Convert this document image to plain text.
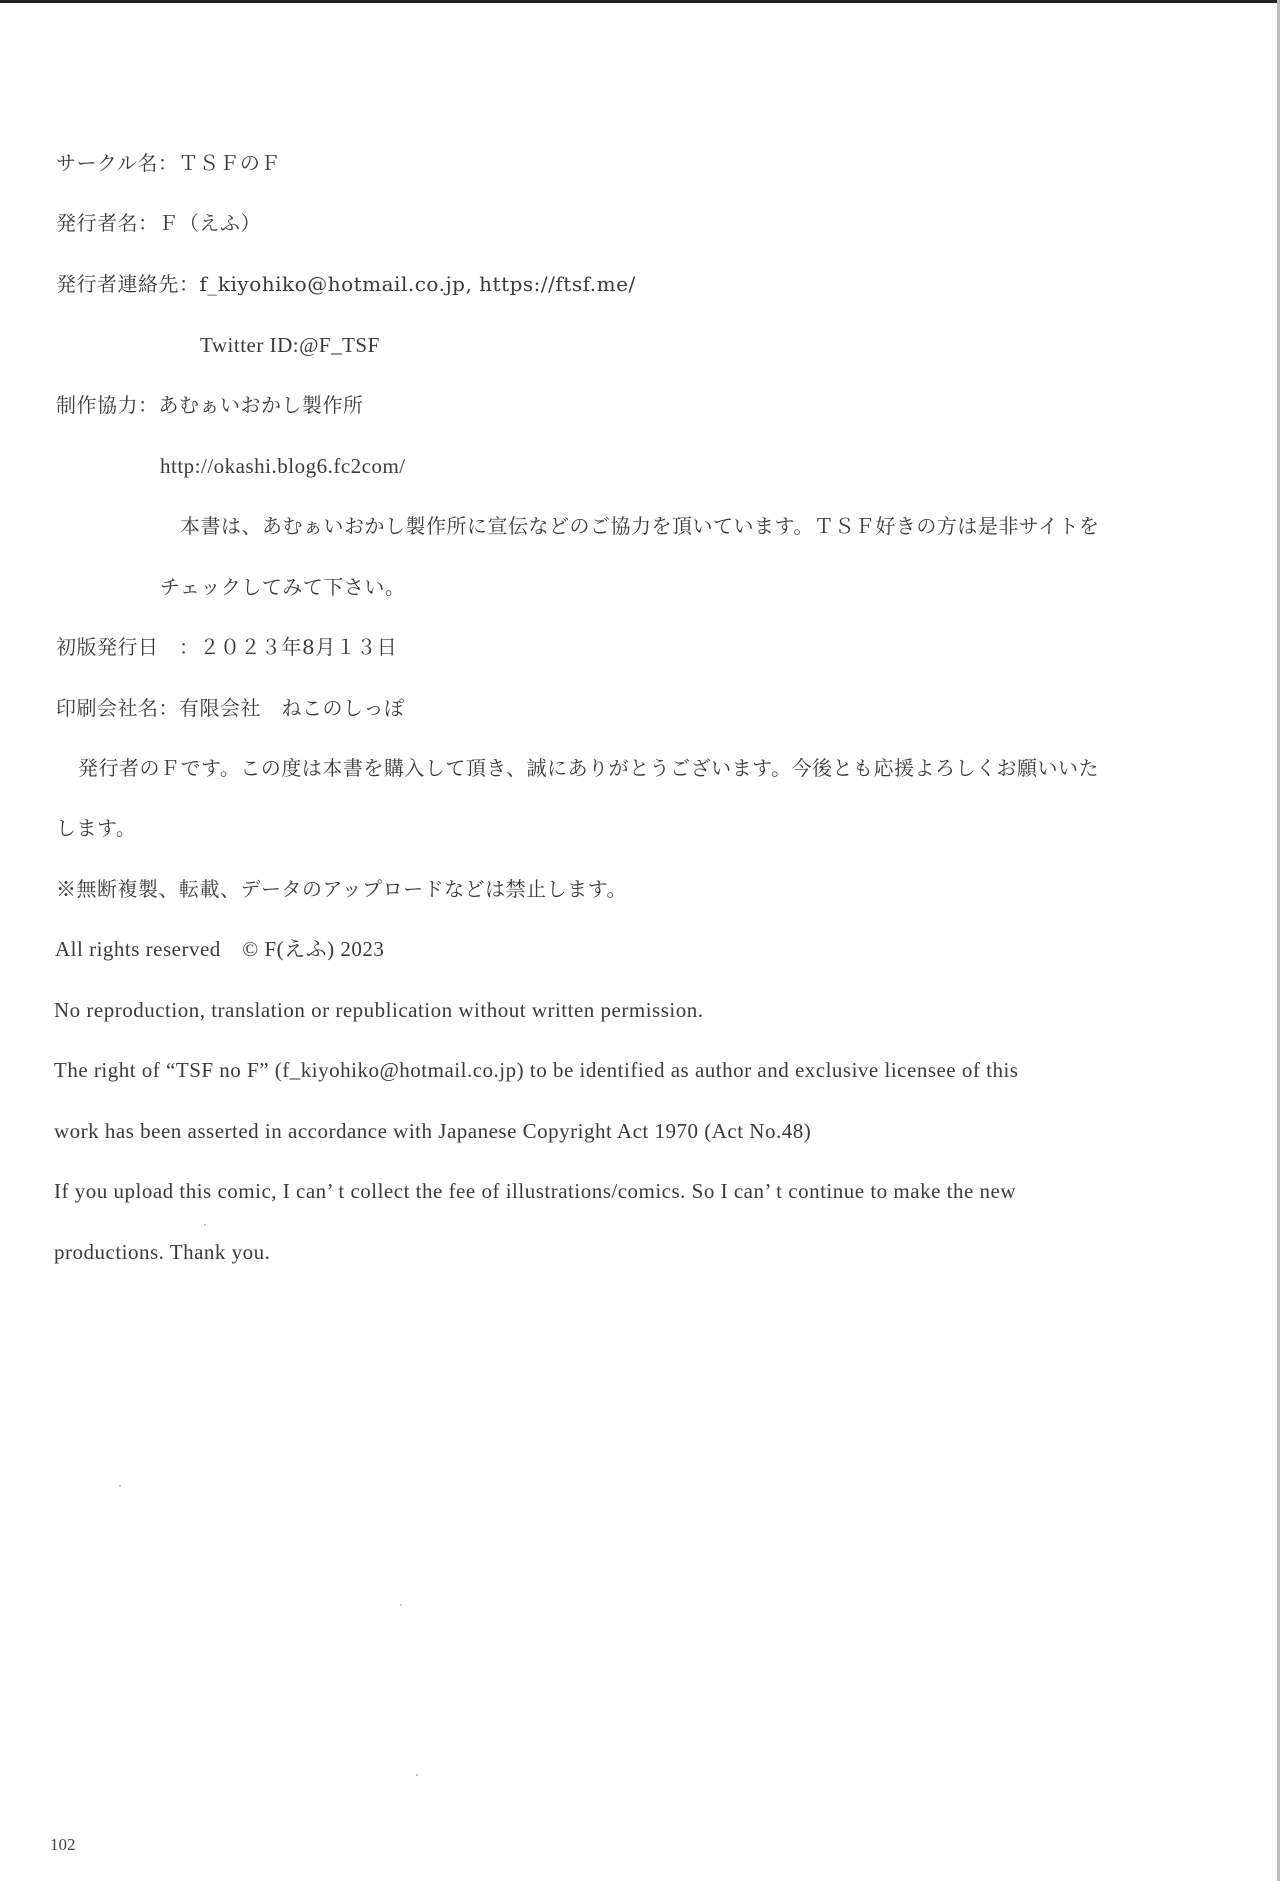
サークル名：ＴＳＦのＦ
発行者名：Ｆ（えふ）
発行者連絡先：f_kiyohiko@hotmail.co.jp, https://ftsf.me/
Twitter ID:@F_TSF
制作協力：あむぁいおかし製作所
http://okashi.blog6.fc2com/
本書は、あむぁいおかし製作所に宣伝などのご協力を頂いています。ＴＳＦ好きの方は是非サイトを
チェックしてみて下さい。
初版発行日　：２０２３年8月１３日
印刷会社名：有限会社　ねこのしっぽ
発行者のＦです。この度は本書を購入して頂き、誠にありがとうございます。今後とも応援よろしくお願いいた
します。
※無断複製、転載、データのアップロードなどは禁止します。
All rights reserved　© F(えふ) 2023
No reproduction, translation or republication without written permission.
The right of “TSF no F” (f_kiyohiko@hotmail.co.jp) to be identified as author and exclusive licensee of this
work has been asserted in accordance with Japanese Copyright Act 1970 (Act No.48)
If you upload this comic, I can’ t collect the fee of illustrations/comics. So I can’ t continue to make the new
productions. Thank you.
102
